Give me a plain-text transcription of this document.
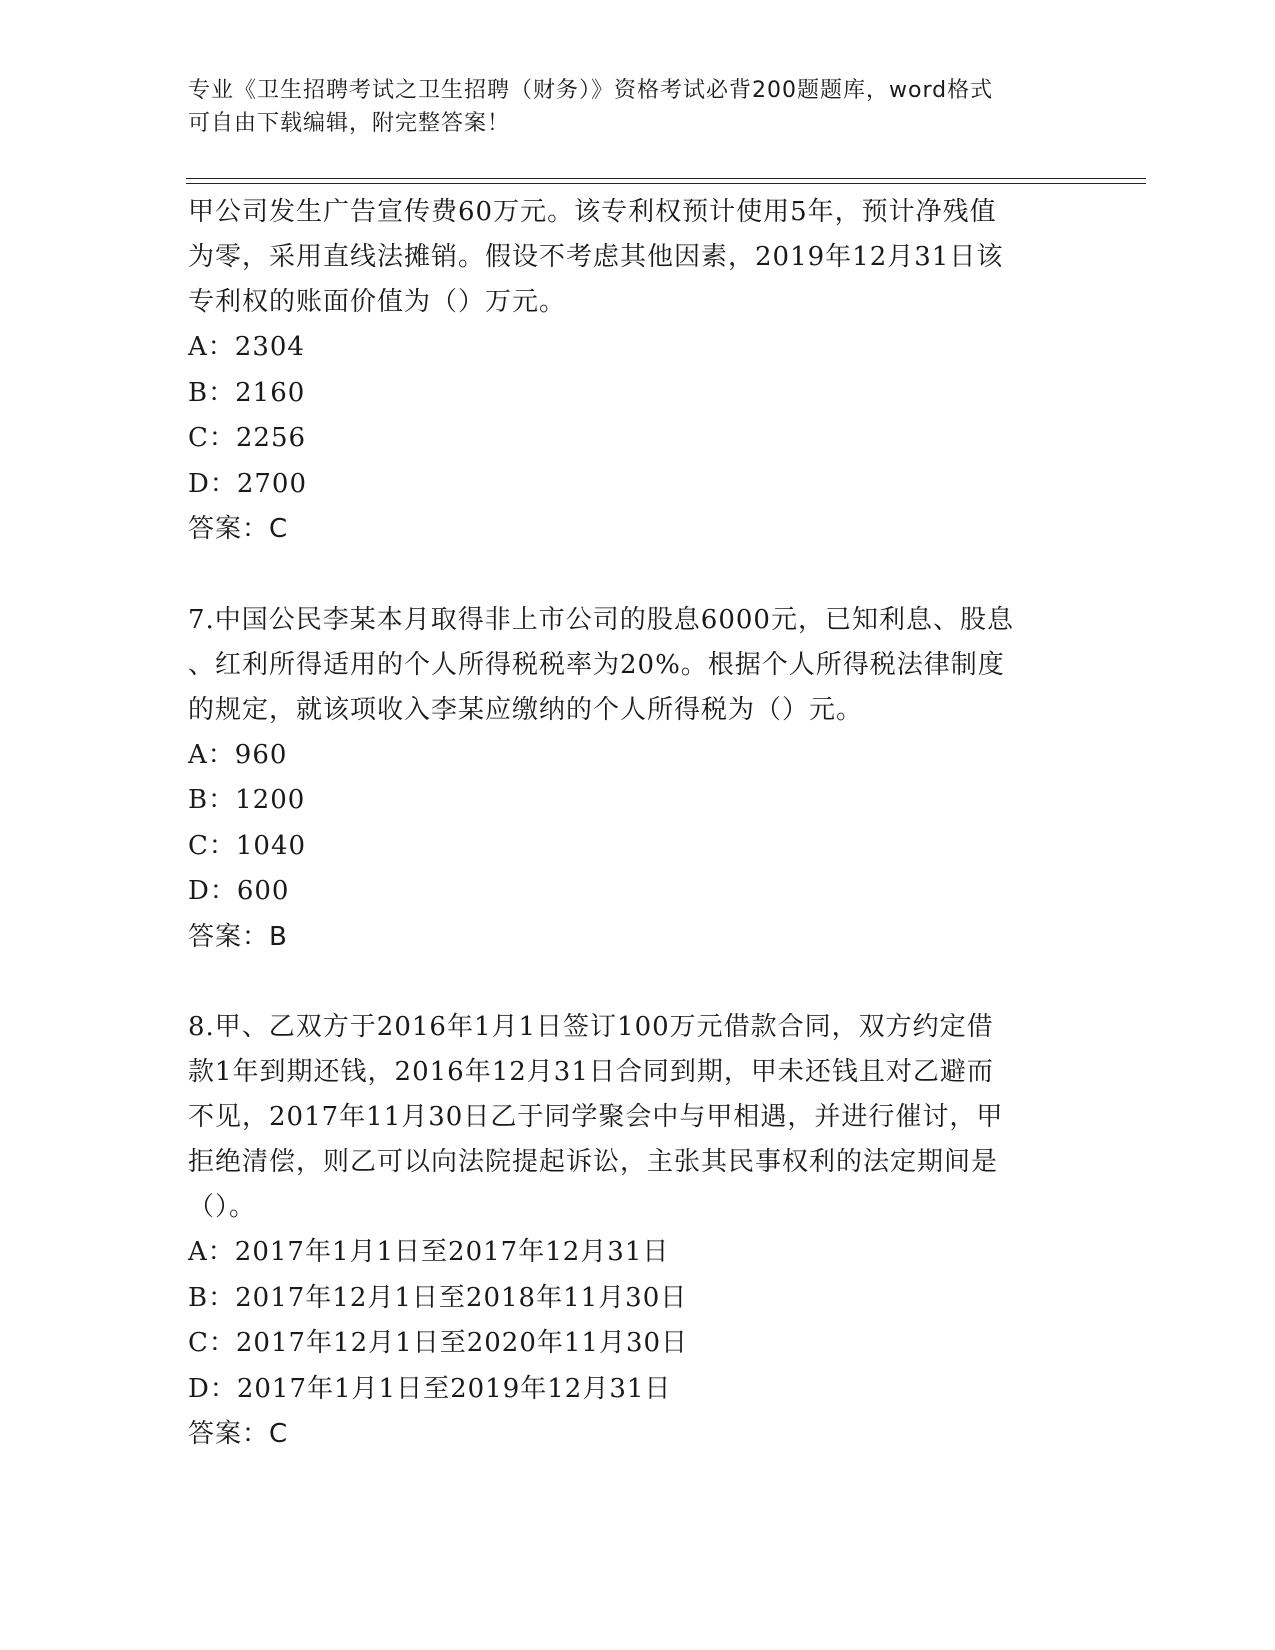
专业《卫生招聘考试之卫生招聘（财务）》资格考试必背200题题库，word格式
可自由下载编辑，附完整答案！
甲公司发生广告宣传费60万元。该专利权预计使用5年，预计净残值
为零，采用直线法摊销。假设不考虑其他因素，2019年12月31日该
专利权的账面价值为（）万元。
A：2304
B：2160
C：2256
D：2700
答案：C
7.中国公民李某本月取得非上市公司的股息6000元，已知利息、股息
、红利所得适用的个人所得税税率为20%。根据个人所得税法律制度
的规定，就该项收入李某应缴纳的个人所得税为（）元。
A：960
B：1200
C：1040
D：600
答案：B
8.甲、乙双方于2016年1月1日签订100万元借款合同，双方约定借
款1年到期还钱，2016年12月31日合同到期，甲未还钱且对乙避而
不见，2017年11月30日乙于同学聚会中与甲相遇，并进行催讨，甲
拒绝清偿，则乙可以向法院提起诉讼，主张其民事权利的法定期间是
（）。
A：2017年1月1日至2017年12月31日
B：2017年12月1日至2018年11月30日
C：2017年12月1日至2020年11月30日
D：2017年1月1日至2019年12月31日
答案：C
